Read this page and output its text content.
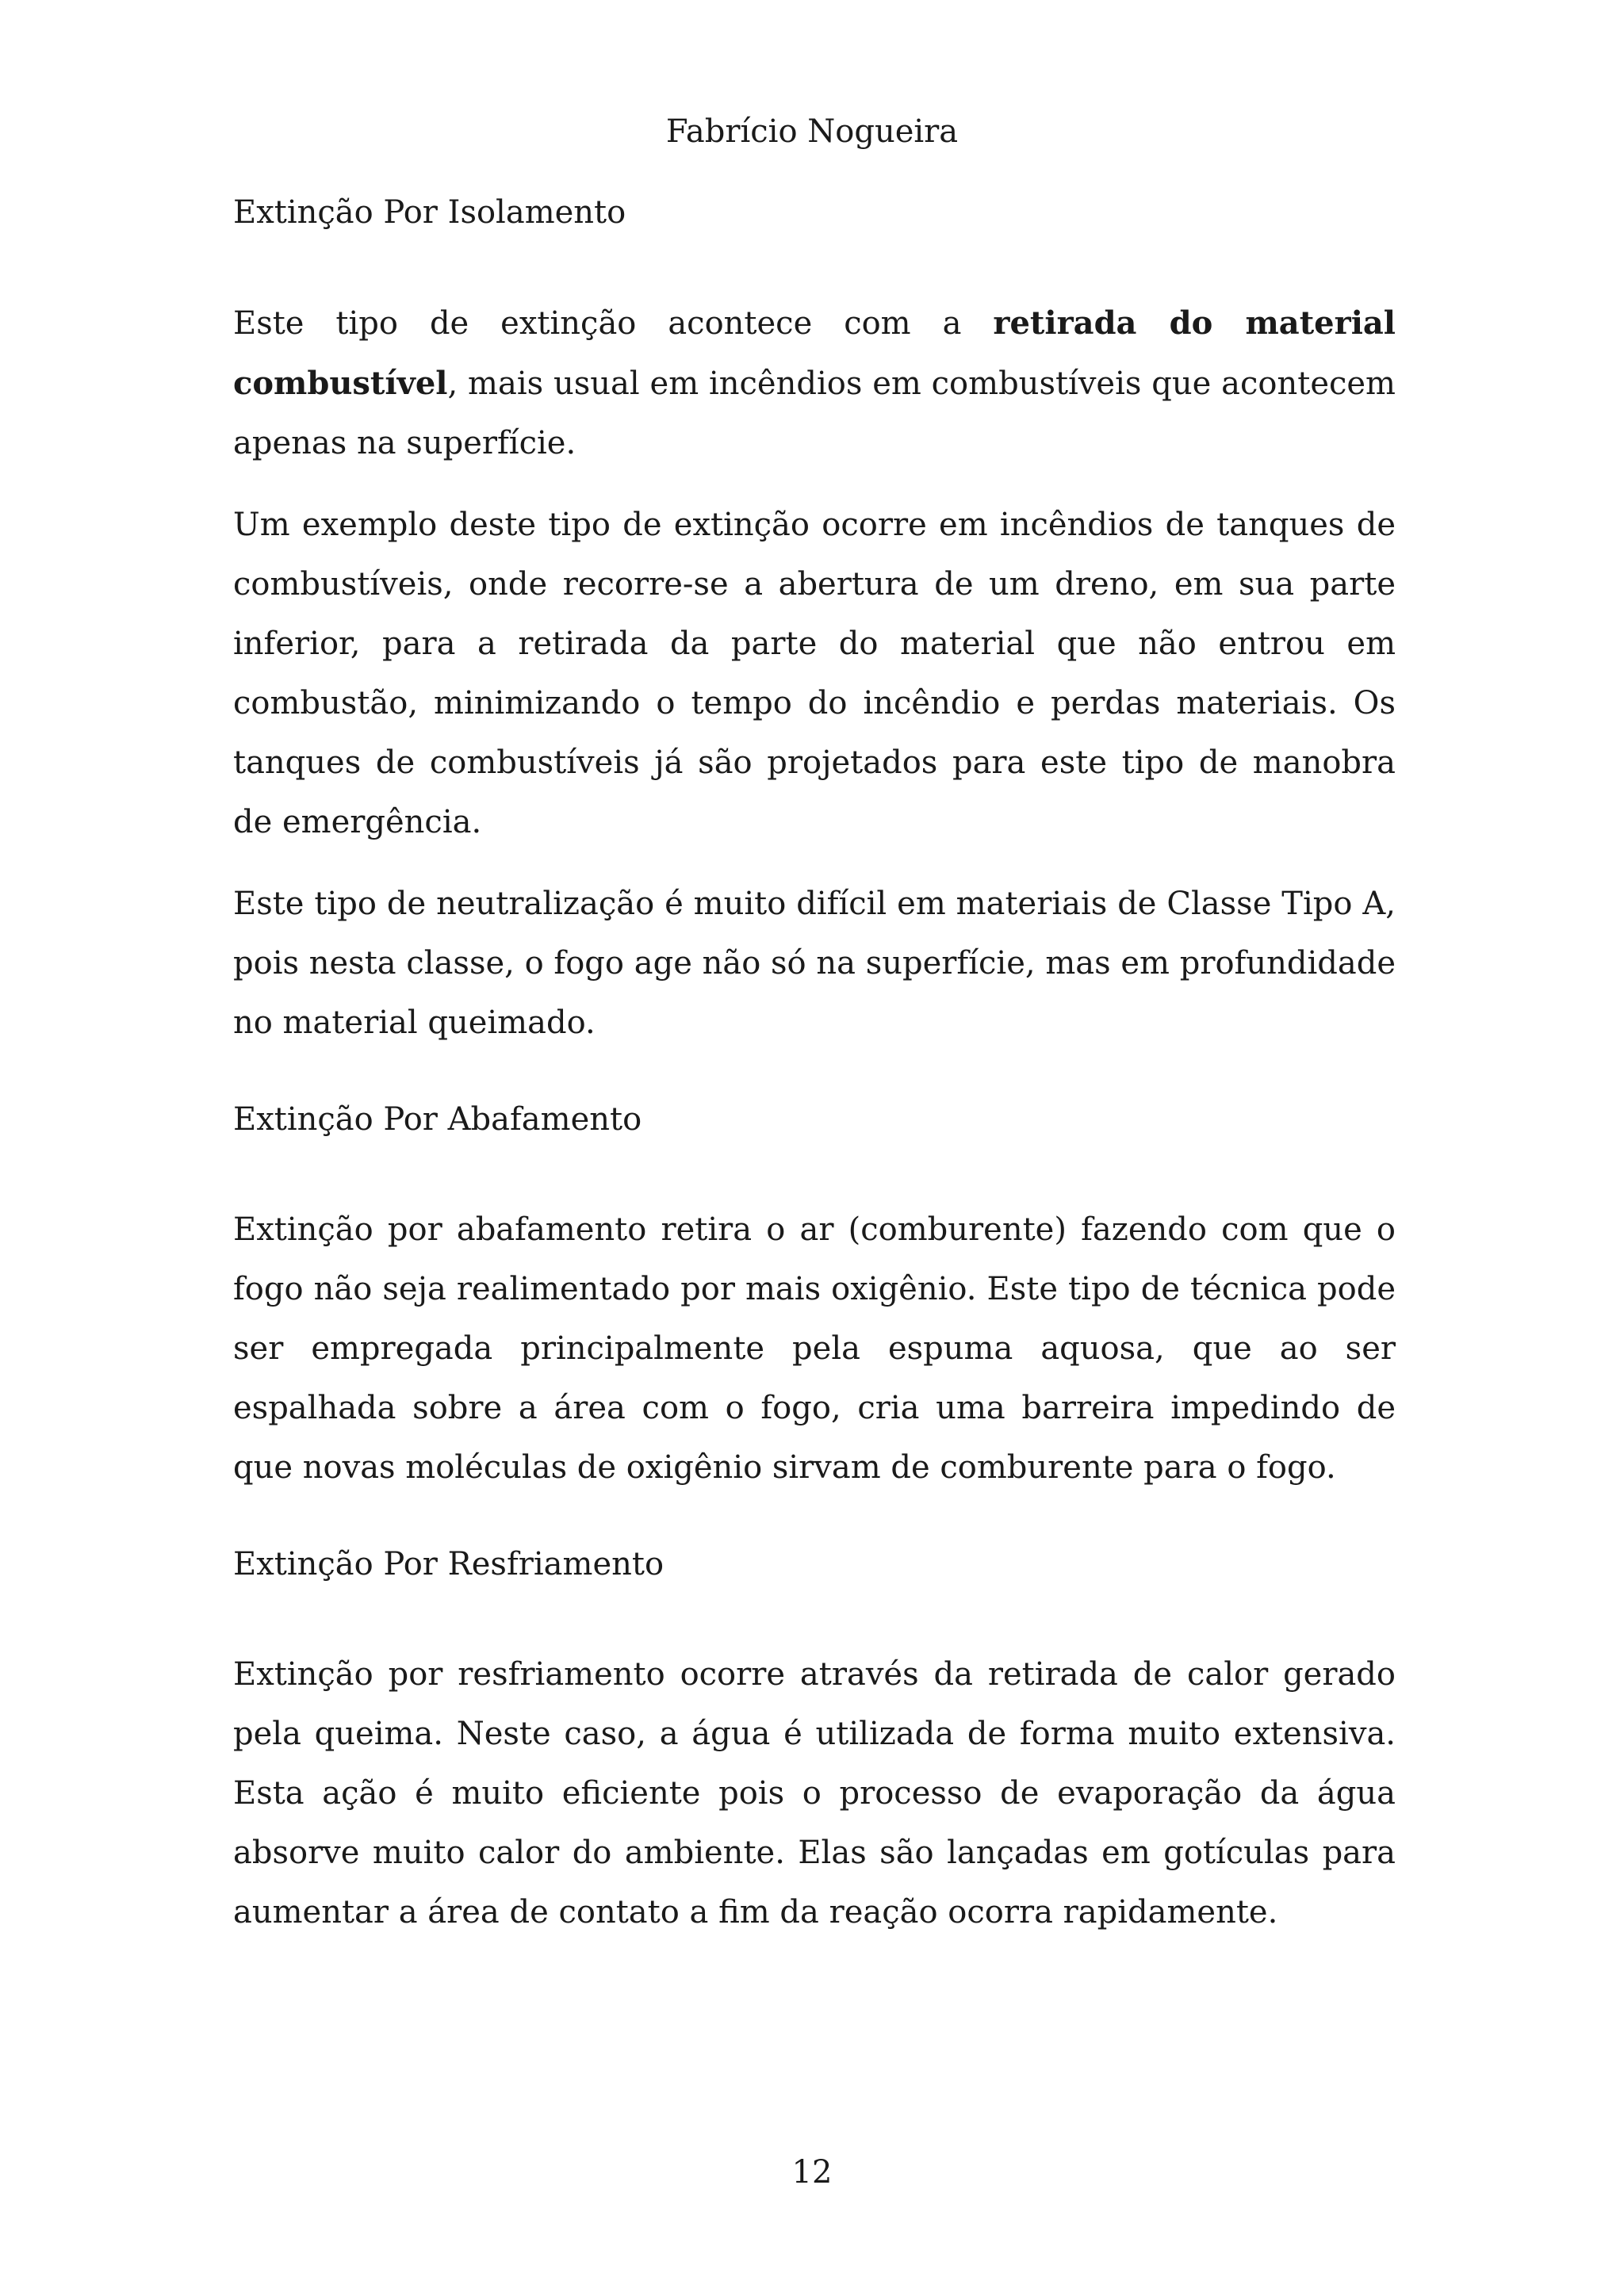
Fabrício Nogueira
Extinção Por Isolamento

Este tipo de extinção acontece com a retirada do material combustível, mais usual em incêndios em combustíveis que acontecem apenas na superfície.

Um exemplo deste tipo de extinção ocorre em incêndios de tanques de combustíveis, onde recorre-se a abertura de um dreno, em sua parte inferior, para a retirada da parte do material que não entrou em combustão, minimizando o tempo do incêndio e perdas materiais. Os tanques de combustíveis já são projetados para este tipo de manobra de emergência.

Este tipo de neutralização é muito difícil em materiais de Classe Tipo A, pois nesta classe, o fogo age não só na superfície, mas em profundidade no material queimado.

Extinção Por Abafamento

Extinção por abafamento retira o ar (comburente) fazendo com que o fogo não seja realimentado por mais oxigênio. Este tipo de técnica pode ser empregada principalmente pela espuma aquosa, que ao ser espalhada sobre a área com o fogo, cria uma barreira impedindo de que novas moléculas de oxigênio sirvam de comburente para o fogo.

Extinção Por Resfriamento

Extinção por resfriamento ocorre através da retirada de calor gerado pela queima. Neste caso, a água é utilizada de forma muito extensiva. Esta ação é muito eficiente pois o processo de evaporação da água absorve muito calor do ambiente. Elas são lançadas em gotículas para aumentar a área de contato a fim da reação ocorra rapidamente.

12
